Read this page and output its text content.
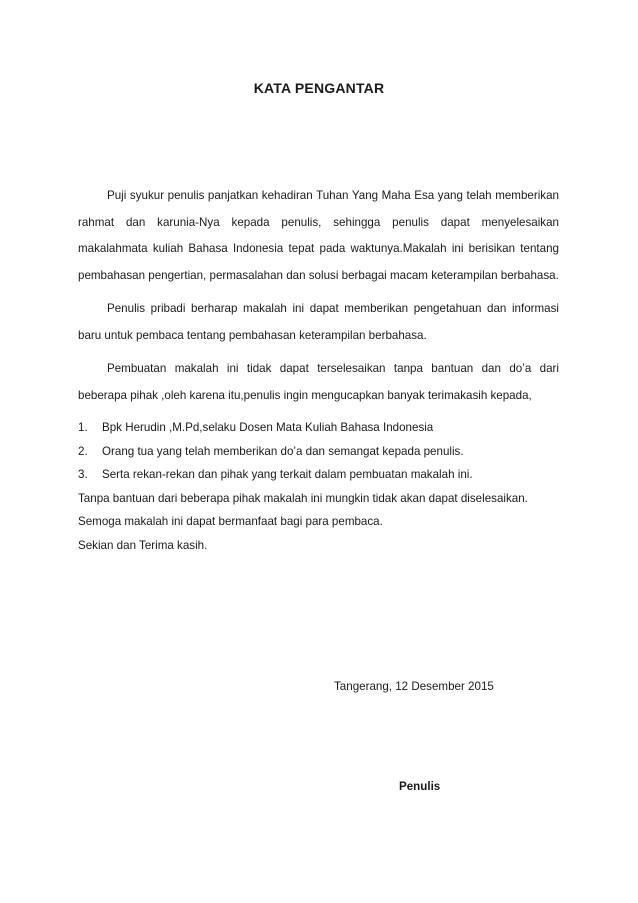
KATA PENGANTAR

Puji syukur penulis panjatkan kehadiran Tuhan Yang Maha Esa yang telah memberikan rahmat dan karunia-Nya kepada penulis, sehingga penulis dapat menyelesaikan makalahmata kuliah Bahasa Indonesia tepat pada waktunya.Makalah ini berisikan tentang pembahasan pengertian, permasalahan dan solusi berbagai macam keterampilan berbahasa.

Penulis pribadi berharap makalah ini dapat memberikan pengetahuan dan informasi baru untuk pembaca tentang pembahasan keterampilan berbahasa.

Pembuatan makalah ini tidak dapat terselesaikan tanpa bantuan dan do’a dari beberapa pihak ,oleh karena itu,penulis ingin mengucapkan banyak terimakasih kepada,

1.	Bpk Herudin ,M.Pd,selaku Dosen Mata Kuliah Bahasa Indonesia
2.	Orang tua yang telah memberikan do’a dan semangat kepada penulis.
3.	Serta rekan-rekan dan pihak yang terkait dalam pembuatan makalah ini.

Tanpa bantuan dari beberapa pihak makalah ini mungkin tidak akan dapat diselesaikan.

Semoga makalah ini dapat bermanfaat bagi para pembaca.

Sekian dan Terima kasih.

Tangerang, 12 Desember 2015
Penulis
